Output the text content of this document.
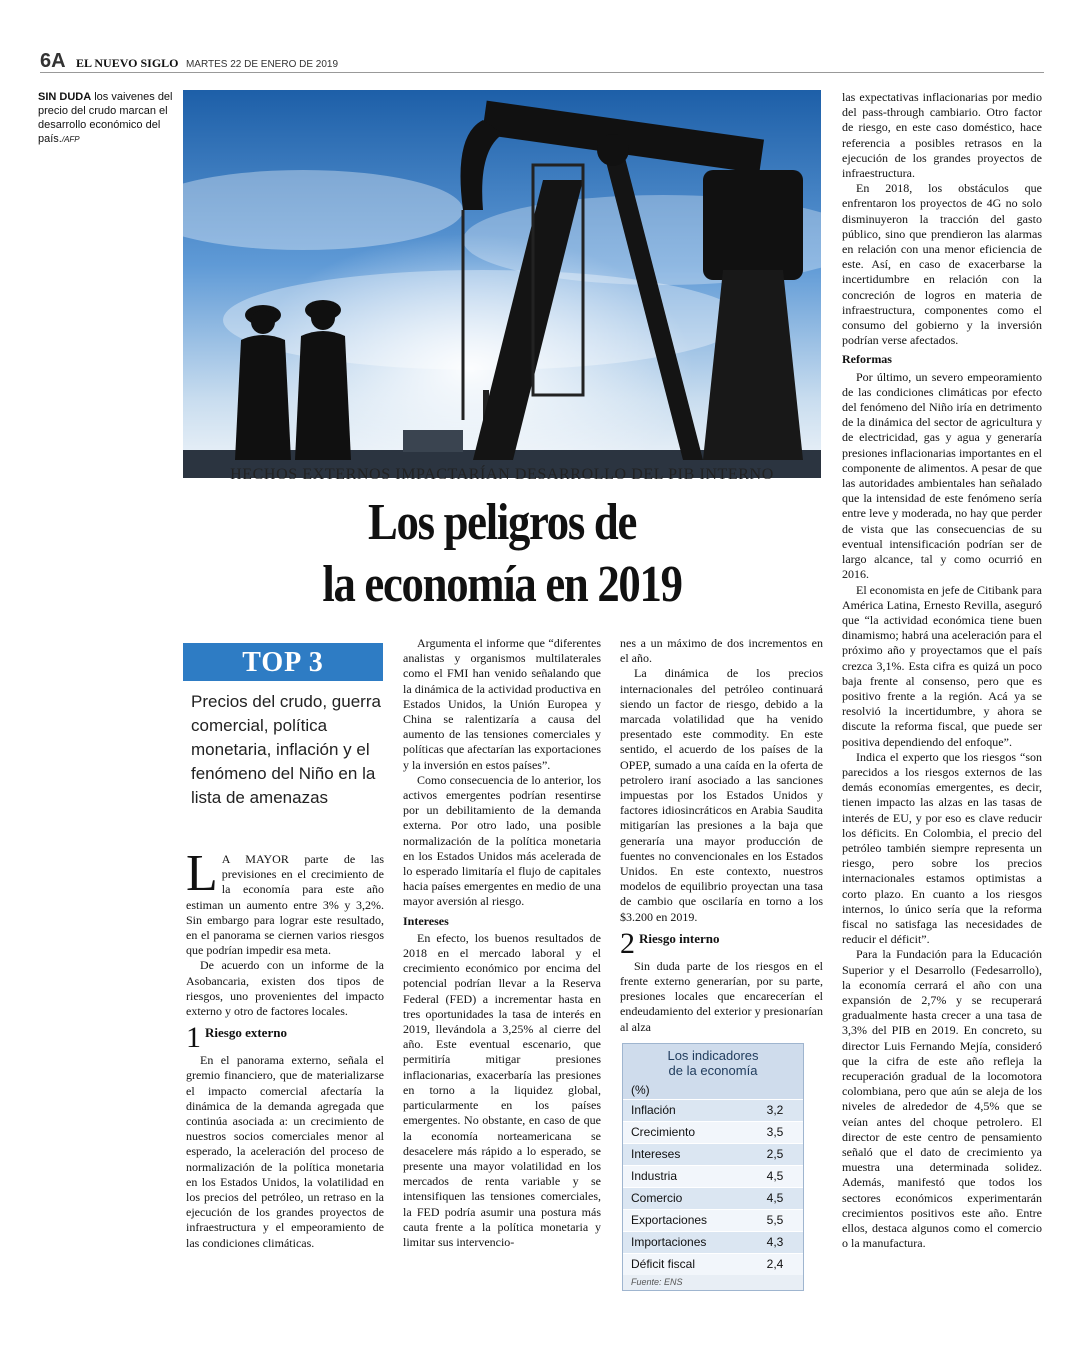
6A EL NUEVO SIGLO MARTES 22 DE ENERO DE 2019
SIN DUDA los vaivenes del precio del crudo marcan el desarrollo económico del país./AFP
HECHOS EXTERNOS IMPACTARÍAN DESARROLLO DEL PIB INTERNO
Los peligros de
la economía en 2019
TOP 3
Precios del crudo, guerra comercial, política monetaria, inflación y el fenómeno del Niño en la lista de amenazas
L A MAYOR parte de las previsiones en el crecimiento de la economía para este año estiman un aumento entre 3% y 3,2%. Sin embargo para lograr este resultado, en el panorama se ciernen varios riesgos que podrían impedir esa meta.

De acuerdo con un informe de la Asobancaria, existen dos tipos de riesgos, uno provenientes del impacto externo y otro de factores locales.

1 Riesgo externo

En el panorama externo, señala el gremio financiero, que de materializarse el impacto comercial afectaría la dinámica de la demanda agregada que continúa asociada a: un crecimiento de nuestros socios comerciales menor al esperado, la aceleración del proceso de normalización de la política monetaria en los Estados Unidos, la volatilidad en los precios del petróleo, un retraso en la ejecución de los grandes proyectos de infraestructura y el empeoramiento de las condiciones climáticas.

Argumenta el informe que “diferentes analistas y organismos multilaterales como el FMI han venido señalando que la dinámica de la actividad productiva en Estados Unidos, la Unión Europea y China se ralentizaría a causa del aumento de las tensiones comerciales y políticas que afectarían las exportaciones y la inversión en estos países”.

Como consecuencia de lo anterior, los activos emergentes podrían resentirse por un debilitamiento de la demanda externa. Por otro lado, una posible normalización de la política monetaria en los Estados Unidos más acelerada de lo esperado limitaría el flujo de capitales hacia países emergentes en medio de una mayor aversión al riesgo.

Intereses

En efecto, los buenos resultados de 2018 en el mercado laboral y el crecimiento económico por encima del potencial podrían llevar a la Reserva Federal (FED) a incrementar hasta en tres oportunidades la tasa de interés en 2019, llevándola a 3,25% al cierre del año. Este eventual escenario, que permitiría mitigar presiones inflacionarias, exacerbaría las presiones en torno a la liquidez global, particularmente en los países emergentes. No obstante, en caso de que la economía norteamericana se desacelere más rápido a lo esperado, se presente una mayor volatilidad en los mercados de renta variable y se intensifiquen las tensiones comerciales, la FED podría asumir una postura más cauta frente a la política monetaria y limitar sus intervencio-

nes a un máximo de dos incrementos en el año.

La dinámica de los precios internacionales del petróleo continuará siendo un factor de riesgo, debido a la marcada volatilidad que ha venido presentado este commodity. En este sentido, el acuerdo de los países de la OPEP, sumado a una caída en la oferta de petrolero iraní asociado a las sanciones impuestas por los Estados Unidos y factores idiosincráticos en Arabia Saudita mitigarían las presiones a la baja que generaría una mayor producción de fuentes no convencionales en los Estados Unidos. En este contexto, nuestros modelos de equilibrio proyectan una tasa de cambio que oscilaría en torno a los $3.200 en 2019.

2 Riesgo interno

Sin duda parte de los riesgos en el frente externo generarían, por su parte, presiones locales que encarecerían el endeudamiento del exterior y presionarían al alza

Los indicadores
de la economía
(%)
Inflación	3,2
Crecimiento	3,5
Intereses	2,5
Industria	4,5
Comercio	4,5
Exportaciones	5,5
Importaciones	4,3
Déficit fiscal	2,4
Fuente: ENS

las expectativas inflacionarias por medio del pass-through cambiario. Otro factor de riesgo, en este caso doméstico, hace referencia a posibles retrasos en la ejecución de los grandes proyectos de infraestructura.

En 2018, los obstáculos que enfrentaron los proyectos de 4G no solo disminuyeron la tracción del gasto público, sino que prendieron las alarmas en relación con una menor eficiencia de este. Así, en caso de exacerbarse la incertidumbre en relación con la concreción de logros en materia de infraestructura, componentes como el consumo del gobierno y la inversión podrían verse afectados.

Reformas

Por último, un severo empeoramiento de las condiciones climáticas por efecto del fenómeno del Niño iría en detrimento de la dinámica del sector de agricultura y de electricidad, gas y agua y generaría presiones inflacionarias importantes en el componente de alimentos. A pesar de que las autoridades ambientales han señalado que la intensidad de este fenómeno sería entre leve y moderada, no hay que perder de vista que las consecuencias de su eventual intensificación podrían ser de largo alcance, tal y como ocurrió en 2016.

El economista en jefe de Citibank para América Latina, Ernesto Revilla, aseguró que “la actividad económica tiene buen dinamismo; habrá una aceleración para el próximo año y proyectamos que el país crezca 3,1%. Esta cifra es quizá un poco baja frente al consenso, pero que es positivo frente a la región. Acá ya se resolvió la incertidumbre, y ahora se discute la reforma fiscal, que puede ser positiva dependiendo del enfoque”.

Indica el experto que los riesgos “son parecidos a los riesgos externos de las demás economías emergentes, es decir, tienen impacto las alzas en las tasas de interés de EU, y por eso es clave reducir los déficits. En Colombia, el precio del petróleo también siempre representa un riesgo, pero sobre los precios internacionales estamos optimistas a corto plazo. En cuanto a los riesgos internos, lo único sería que la reforma fiscal no satisfaga las necesidades de reducir el déficit”.

Para la Fundación para la Educación Superior y el Desarrollo (Fedesarrollo), la economía cerrará el año con una expansión de 2,7% y se recuperará gradualmente hasta crecer a una tasa de 3,3% del PIB en 2019. En concreto, su director Luis Fernando Mejía, consideró que la cifra de este año refleja la recuperación gradual de la locomotora colombiana, pero que aún se aleja de los niveles de alrededor de 4,5% que se veían antes del choque petrolero. El director de este centro de pensamiento señaló que el dato de crecimiento ya muestra una determinada solidez. Además, manifestó que todos los sectores económicos experimentarán crecimientos positivos este año. Entre ellos, destaca algunos como el comercio o la manufactura.
